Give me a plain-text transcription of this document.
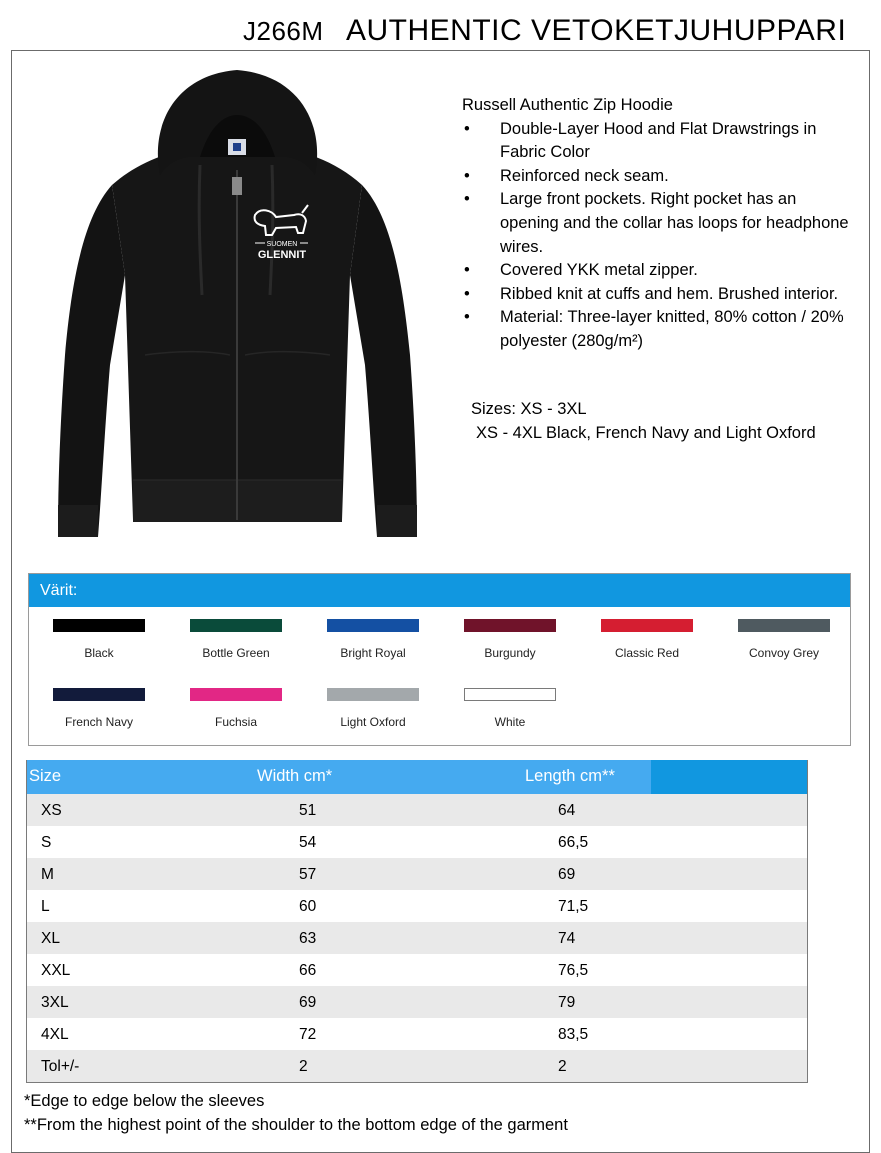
J266M AUTHENTIC VETOKETJUHUPPARI
SUOMEN
GLENNIT
Russell Authentic Zip Hoodie
• Double-Layer Hood and Flat Drawstrings in Fabric Color
• Reinforced neck seam.
• Large front pockets. Right pocket has an opening and the collar has loops for headphone wires.
• Covered YKK metal zipper.
• Ribbed knit at cuffs and hem. Brushed interior.
• Material: Three-layer knitted, 80% cotton / 20% polyester (280g/m²)
Sizes: XS - 3XL
XS - 4XL Black, French Navy and Light Oxford
Värit:
Black	Bottle Green	Bright Royal	Burgundy	Classic Red	Convoy Grey
French Navy	Fuchsia	Light Oxford	White
Size	Width cm*	Length cm**
XS	51	64
S	54	66,5
M	57	69
L	60	71,5
XL	63	74
XXL	66	76,5
3XL	69	79
4XL	72	83,5
Tol+/-	2	2
*Edge to edge below the sleeves
**From the highest point of the shoulder to the bottom edge of the garment
